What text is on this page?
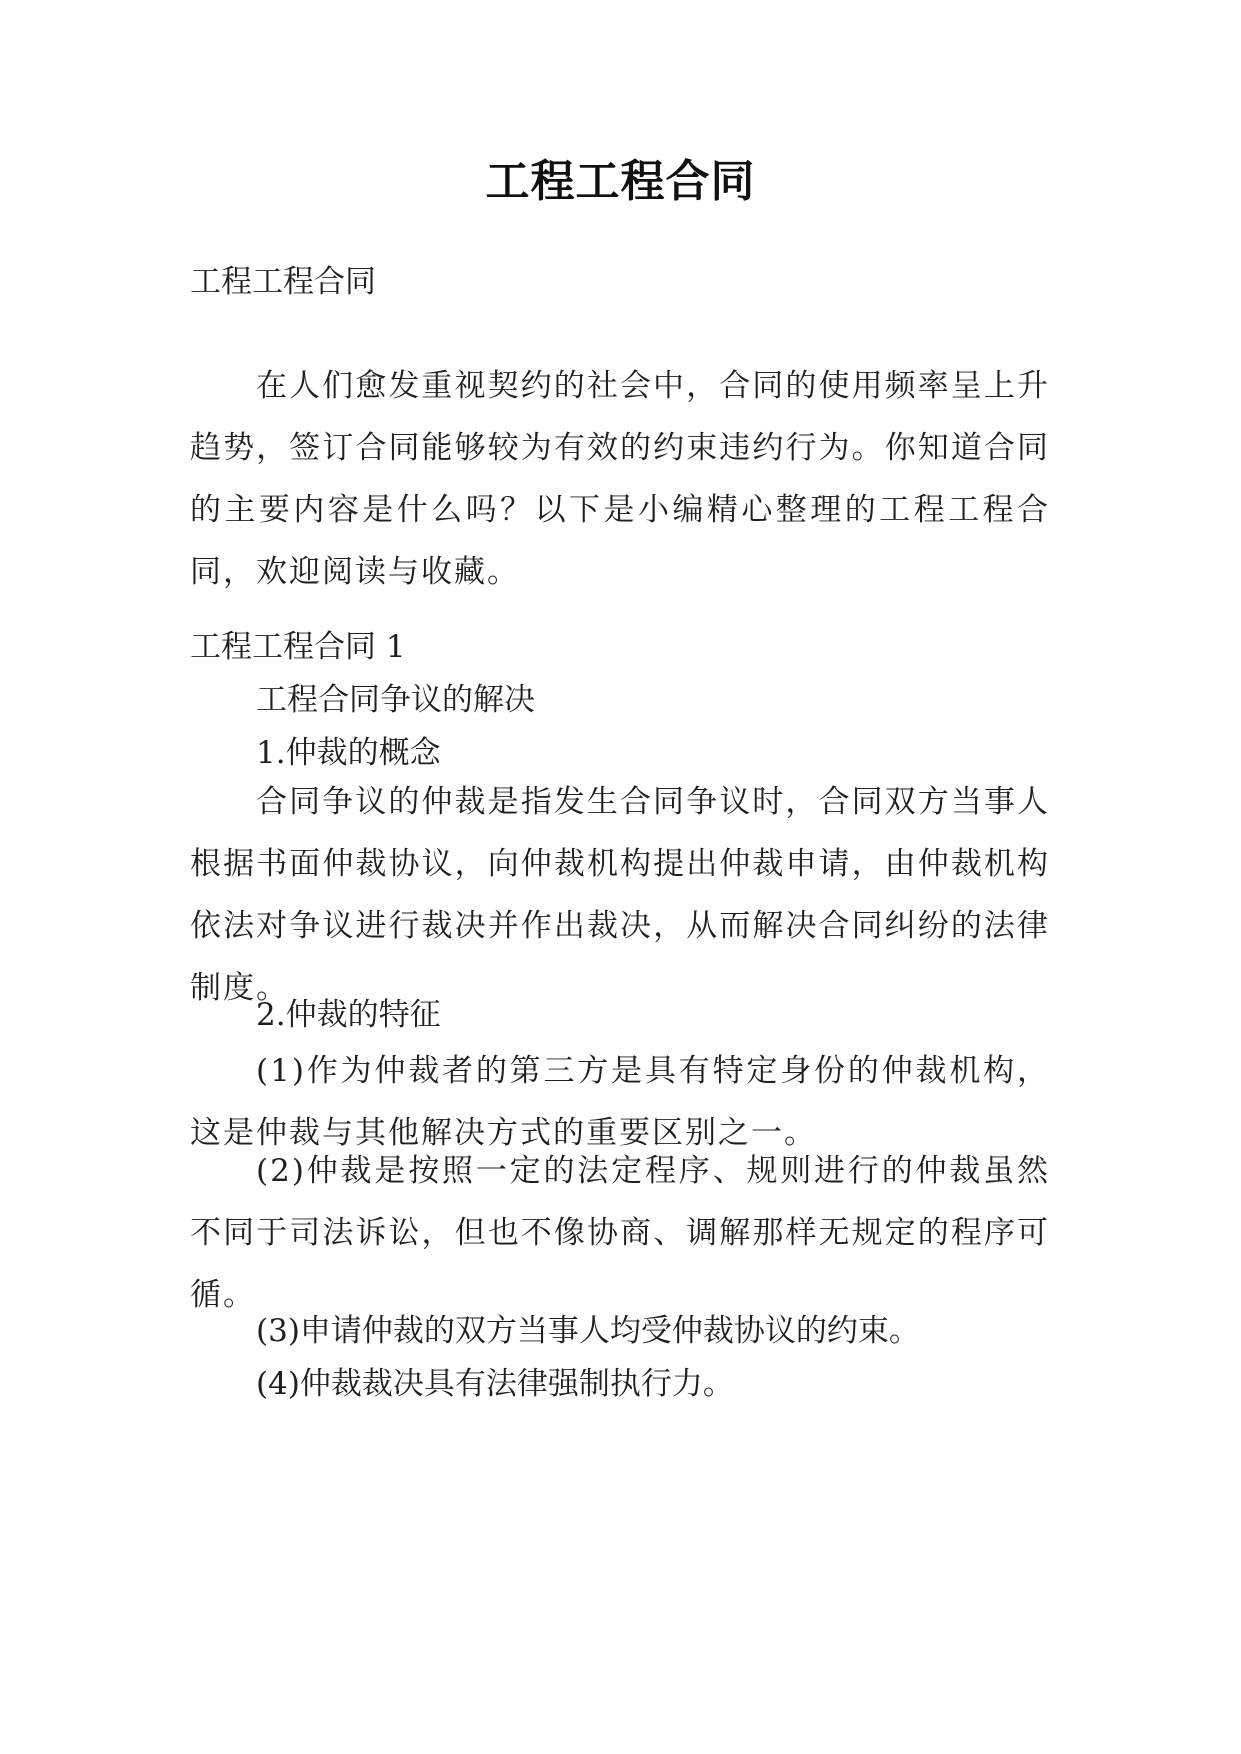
工程工程合同
工程工程合同
在人们愈发重视契约的社会中，合同的使用频率呈上升趋势，签订合同能够较为有效的约束违约行为。你知道合同的主要内容是什么吗？以下是小编精心整理的工程工程合同，欢迎阅读与收藏。
工程工程合同 1
工程合同争议的解决
1.仲裁的概念
合同争议的仲裁是指发生合同争议时，合同双方当事人根据书面仲裁协议，向仲裁机构提出仲裁申请，由仲裁机构依法对争议进行裁决并作出裁决，从而解决合同纠纷的法律制度。
2.仲裁的特征
(1)作为仲裁者的第三方是具有特定身份的仲裁机构，这是仲裁与其他解决方式的重要区别之一。
(2)仲裁是按照一定的法定程序、规则进行的仲裁虽然不同于司法诉讼，但也不像协商、调解那样无规定的程序可循。
(3)申请仲裁的双方当事人均受仲裁协议的约束。
(4)仲裁裁决具有法律强制执行力。
